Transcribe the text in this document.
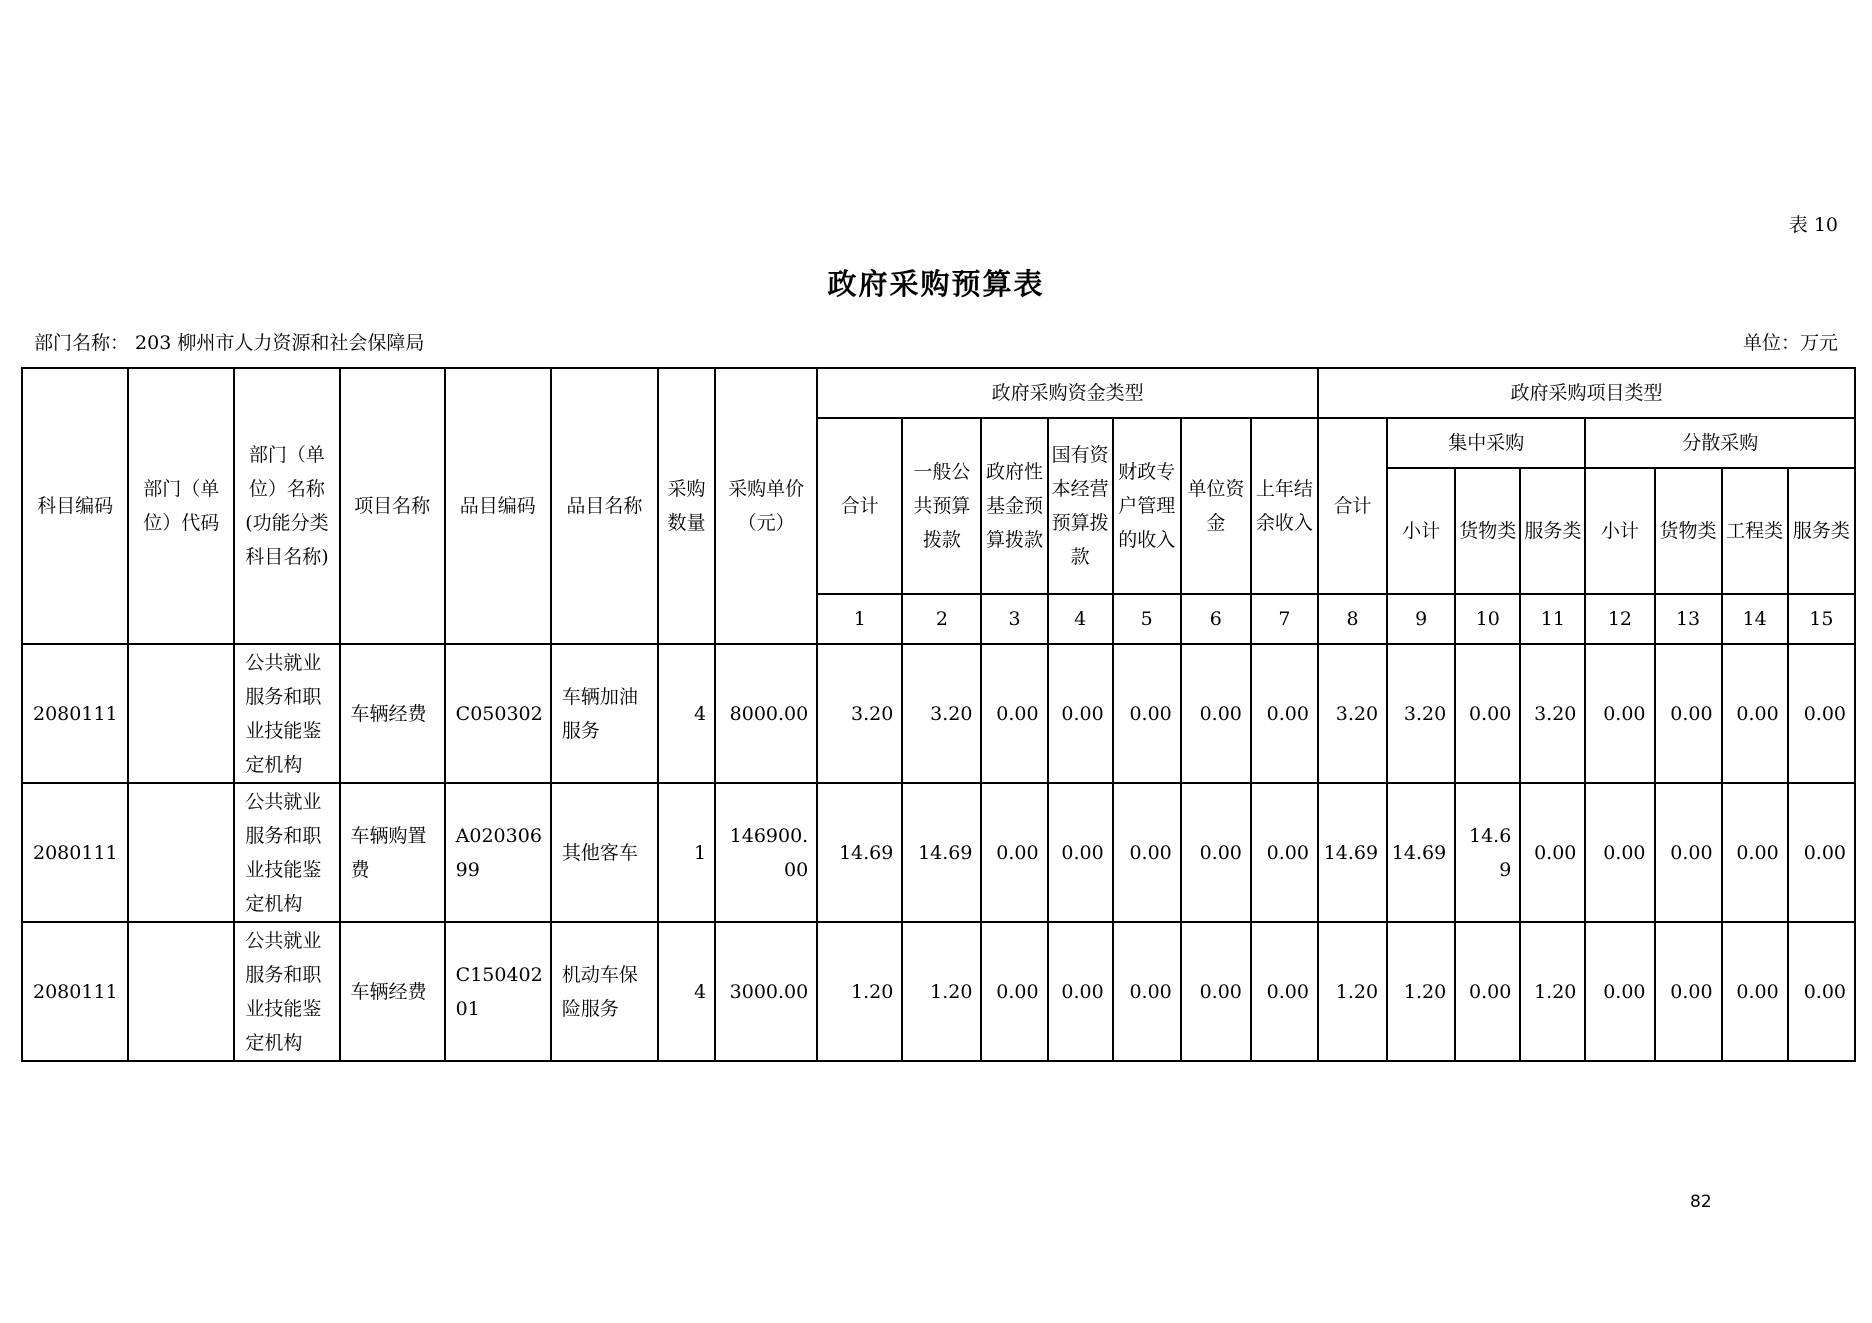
表 10
政府采购预算表
部门名称： 203 柳州市人力资源和社会保障局	单位：万元
科目编码	部门（单位）代码	部门（单位）名称(功能分类科目名称)	项目名称	品目编码	品目名称	采购数量	采购单价（元）	政府采购资金类型							政府采购项目类型							
								合计	一般公共预算拨款	政府性基金预算拨款	国有资本经营预算拨款	财政专户管理的收入	单位资金	上年结余收入	合计	集中采购			分散采购			
																小计	货物类	服务类	小计	货物类	工程类	服务类
								1	2	3	4	5	6	7	8	9	10	11	12	13	14	15
2080111		公共就业服务和职业技能鉴定机构	车辆经费	C050302	车辆加油服务	4	8000.00	3.20	3.20	0.00	0.00	0.00	0.00	0.00	3.20	3.20	0.00	3.20	0.00	0.00	0.00	0.00
2080111		公共就业服务和职业技能鉴定机构	车辆购置费	A02030699	其他客车	1	146900.00	14.69	14.69	0.00	0.00	0.00	0.00	0.00	14.69	14.69	14.69	0.00	0.00	0.00	0.00	0.00
2080111		公共就业服务和职业技能鉴定机构	车辆经费	C15040201	机动车保险服务	4	3000.00	1.20	1.20	0.00	0.00	0.00	0.00	0.00	1.20	1.20	0.00	1.20	0.00	0.00	0.00	0.00
82
